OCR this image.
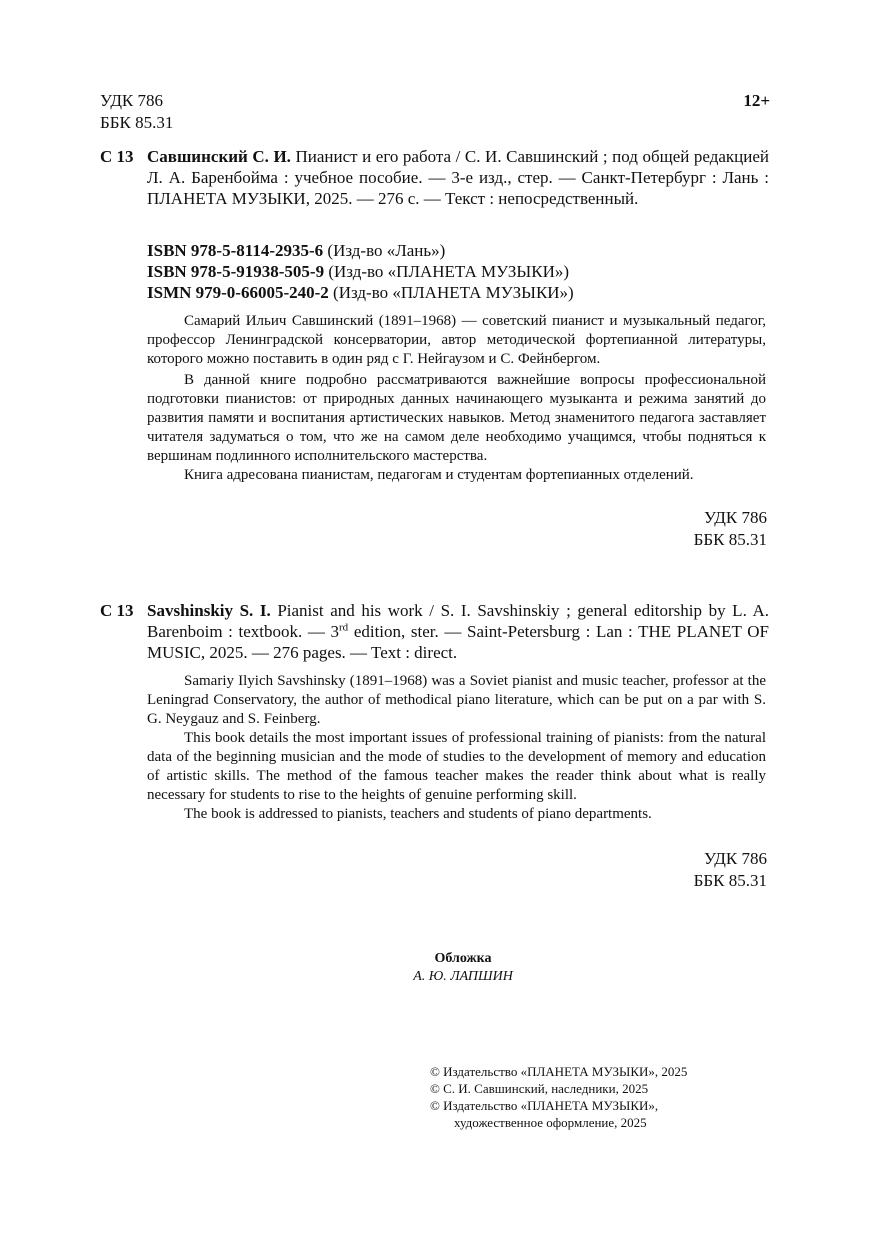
УДК 786
ББК 85.31
12+
С 13 Савшинский С. И. Пианист и его работа / С. И. Савшинский ; под общей редакцией Л. А. Баренбойма : учебное пособие. — 3-е изд., стер. — Санкт-Петербург : Лань : ПЛАНЕТА МУЗЫКИ, 2025. — 276 с. — Текст : непосредственный.
ISBN 978-5-8114-2935-6 (Изд-во «Лань»)
ISBN 978-5-91938-505-9 (Изд-во «ПЛАНЕТА МУЗЫКИ»)
ISMN 979-0-66005-240-2 (Изд-во «ПЛАНЕТА МУЗЫКИ»)

Самарий Ильич Савшинский (1891–1968) — советский пианист и музыкальный педагог, профессор Ленинградской консерватории, автор методической фортепианной литературы, которого можно поставить в один ряд с Г. Нейгаузом и С. Фейнбергом.

В данной книге подробно рассматриваются важнейшие вопросы профессиональной подготовки пианистов: от природных данных начинающего музыканта и режима занятий до развития памяти и воспитания артистических навыков. Метод знаменитого педагога заставляет читателя задуматься о том, что же на самом деле необходимо учащимся, чтобы подняться к вершинам подлинного исполнительского мастерства.

Книга адресована пианистам, педагогам и студентам фортепианных отделений.

УДК 786
ББК 85.31
С 13 Savshinskiy S. I. Pianist and his work / S. I. Savshinskiy ; general editorship by L. A. Barenboim : textbook. — 3rd edition, ster. — Saint-Petersburg : Lan : THE PLANET OF MUSIC, 2025. — 276 pages. — Text : direct.

Samariy Ilyich Savshinsky (1891–1968) was a Soviet pianist and music teacher, professor at the Leningrad Conservatory, the author of methodical piano literature, which can be put on a par with S. G. Neygauz and S. Feinberg.

This book details the most important issues of professional training of pianists: from the natural data of the beginning musician and the mode of studies to the development of memory and education of artistic skills. The method of the famous teacher makes the reader think about what is really necessary for students to rise to the heights of genuine performing skill.

The book is addressed to pianists, teachers and students of piano departments.

УДК 786
ББК 85.31
Обложка
А. Ю. ЛАПШИН
© Издательство «ПЛАНЕТА МУЗЫКИ», 2025
© С. И. Савшинский, наследники, 2025
© Издательство «ПЛАНЕТА МУЗЫКИ»,
художественное оформление, 2025
